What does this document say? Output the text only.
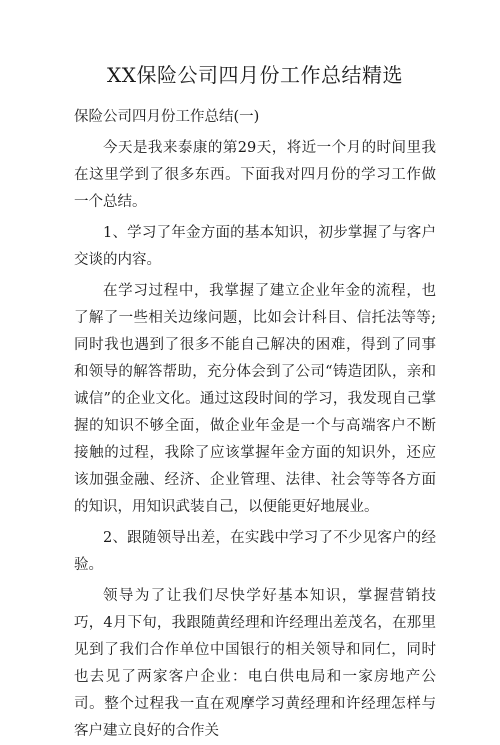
XX保险公司四月份工作总结精选

保险公司四月份工作总结(一)

今天是我来泰康的第29天，将近一个月的时间里我在这里学到了很多东西。下面我对四月份的学习工作做一个总结。

1、学习了年金方面的基本知识，初步掌握了与客户交谈的内容。

在学习过程中，我掌握了建立企业年金的流程，也了解了一些相关边缘问题，比如会计科目、信托法等等;同时我也遇到了很多不能自己解决的困难，得到了同事和领导的解答帮助，充分体会到了公司“铸造团队，亲和诚信”的企业文化。通过这段时间的学习，我发现自己掌握的知识不够全面，做企业年金是一个与高端客户不断接触的过程，我除了应该掌握年金方面的知识外，还应该加强金融、经济、企业管理、法律、社会等等各方面的知识，用知识武装自己，以便能更好地展业。

2、跟随领导出差，在实践中学习了不少见客户的经验。

领导为了让我们尽快学好基本知识，掌握营销技巧，4月下旬，我跟随黄经理和许经理出差茂名，在那里见到了我们合作单位中国银行的相关领导和同仁，同时也去见了两家客户企业：电白供电局和一家房地产公司。整个过程我一直在观摩学习黄经理和许经理怎样与客户建立良好的合作关
